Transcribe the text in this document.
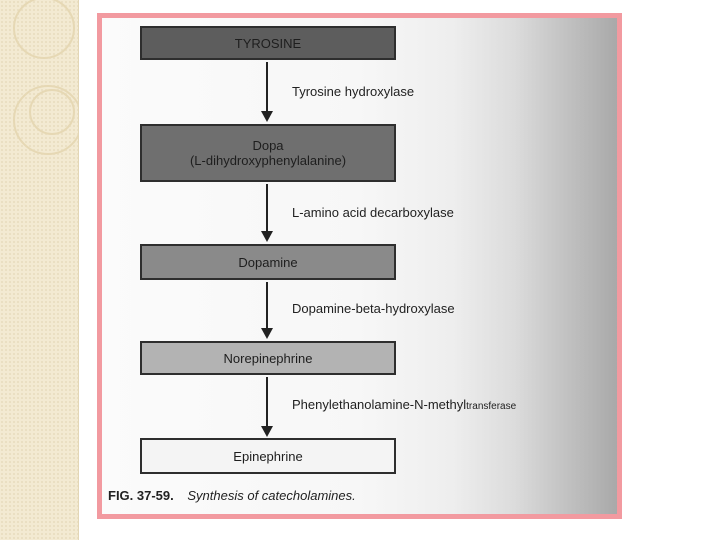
TYROSINE
Tyrosine hydroxylase
Dopa
(L-dihydroxyphenylalanine)
L-amino acid decarboxylase
Dopamine
Dopamine-beta-hydroxylase
Norepinephrine
Phenylethanolamine-N-methyltransferase
Epinephrine
FIG. 37-59. Synthesis of catecholamines.
